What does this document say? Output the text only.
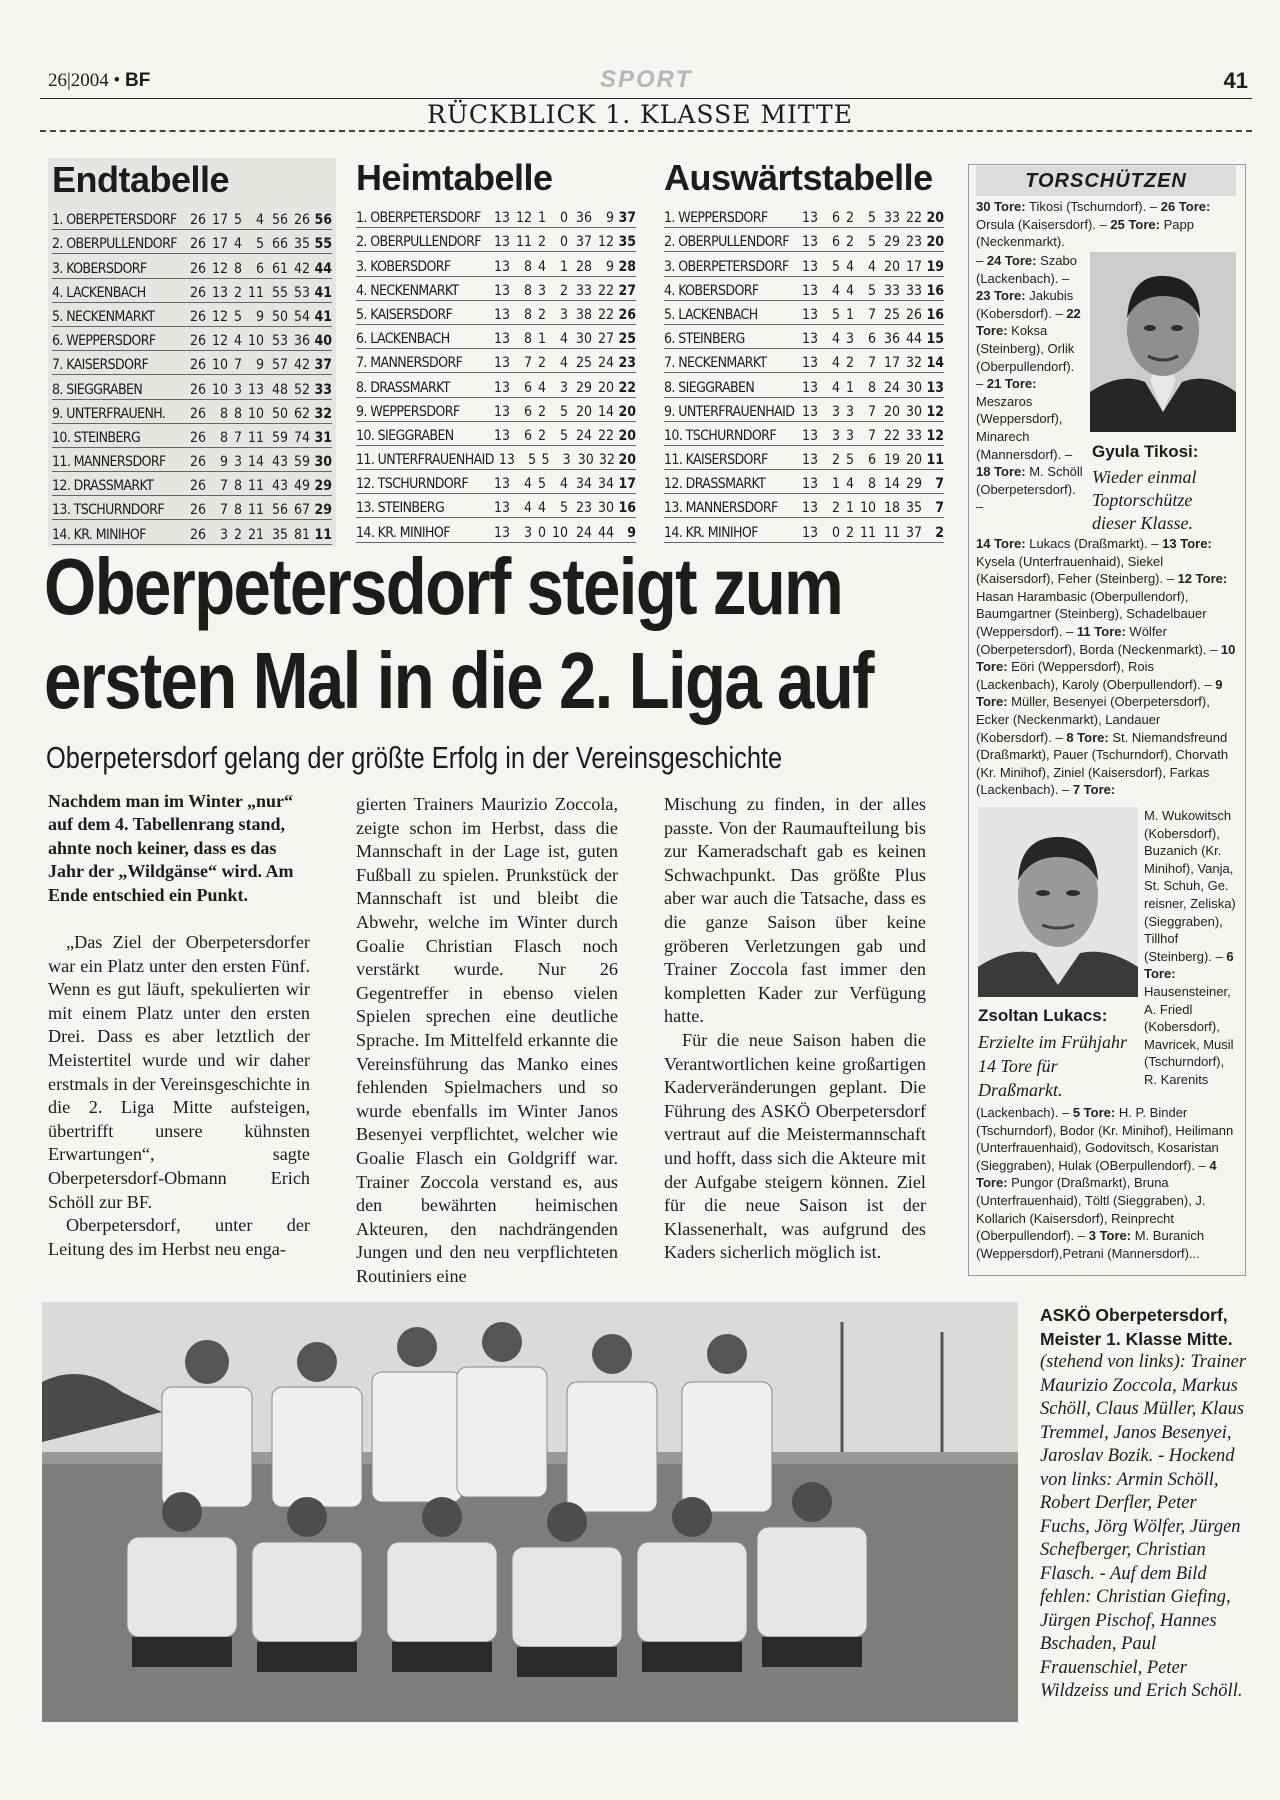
26|2004 • BF	SPORT	41
RÜCKBLICK 1. KLASSE MITTE
Endtabelle
1. OBERPETERSDORF 26 17 5 4 56 26 56
2. OBERPULLENDORF 26 17 4 5 66 35 55
3. KOBERSDORF	26 12 8 6 61 42 44
4. LACKENBACH	26 13 2 11 55 53 41
5. NECKENMARKT	26 12 5 9 50 54 41
6. WEPPERSDORF	26 12 4 10 53 36 40
7. KAISERSDORF	26 10 7 9 57 42 37
8. SIEGGRABEN	26 10 3 13 48 52 33
9. UNTERFRAUENH.	26 8 8 10 50 62 32
10. STEINBERG	26 8 7 11 59 74 31
11. MANNERSDORF	26 9 3 14 43 59 30
12. DRASSMARKT	26 7 8 11 43 49 29
13. TSCHURNDORF	26 7 8 11 56 67 29
14. KR. MINIHOF	26 3 2 21 35 81 11
Heimtabelle
1. OBERPETERSDORF 13 12 1 0 36 9 37
2. OBERPULLENDORF 13 11 2 0 37 12 35
3. KOBERSDORF	13 8 4 1 28 9 28
4. NECKENMARKT	13 8 3 2 33 22 27
5. KAISERSDORF	13 8 2 3 38 22 26
6. LACKENBACH	13 8 1 4 30 27 25
7. MANNERSDORF	13 7 2 4 25 24 23
8. DRASSMARKT	13 6 4 3 29 20 22
9. WEPPERSDORF	13 6 2 5 20 14 20
10. SIEGGRABEN	13 6 2 5 24 22 20
11. UNTERFRAUENHAID 13 5 5 3 30 32 20
12. TSCHURNDORF	13 4 5 4 34 34 17
13. STEINBERG	13 4 4 5 23 30 16
14. KR. MINIHOF	13 3 0 10 24 44 9
Auswärtstabelle
1. WEPPERSDORF	13 6 2 5 33 22 20
2. OBERPULLENDORF 13 6 2 5 29 23 20
3. OBERPETERSDORF 13 5 4 4 20 17 19
4. KOBERSDORF	13 4 4 5 33 33 16
5. LACKENBACH	13 5 1 7 25 26 16
6. STEINBERG	13 4 3 6 36 44 15
7. NECKENMARKT	13 4 2 7 17 32 14
8. SIEGGRABEN	13 4 1 8 24 30 13
9. UNTERFRAUENHAID 13 3 3 7 20 30 12
10. TSCHURNDORF	13 3 3 7 22 33 12
11. KAISERSDORF	13 2 5 6 19 20 11
12. DRASSMARKT	13 1 4 8 14 29 7
13. MANNERSDORF	13 2 1 10 18 35 7
14. KR. MINIHOF	13 0 2 11 11 37 2
TORSCHÜTZEN
30 Tore: Tikosi (Tschurndorf). – 26 Tore: Orsula (Kaisersdorf). – 25 Tore: Papp (Neckenmarkt).
– 24 Tore: Szabo (Lackenbach). – 23 Tore: Jakubis (Kobersdorf). – 22 Tore: Koksa (Steinberg), Orlik (Oberpullendorf). – 21 Tore: Meszaros (Weppersdorf), Minarech (Mannersdorf). – 18 Tore: M. Schöll (Oberpetersdorf). –
14 Tore: Lukacs (Draßmarkt). – 13 Tore: Kysela (Unterfrauenhaid), Siekel (Kaisersdorf), Feher (Steinberg). – 12 Tore: Hasan Harambasic (Oberpullendorf), Baumgartner (Steinberg), Schadelbauer (Weppersdorf). – 11 Tore: Wölfer (Oberpetersdorf), Borda (Neckenmarkt). – 10 Tore: Eöri (Weppersdorf), Rois (Lackenbach), Karoly (Oberpullendorf). – 9 Tore: Müller, Besenyei (Oberpetersdorf), Ecker (Neckenmarkt), Landauer (Kobersdorf). – 8 Tore: St. Niemandsfreund (Draßmarkt), Pauer (Tschurndorf), Chorvath (Kr. Minihof), Ziniel (Kaisersdorf), Farkas (Lackenbach). – 7 Tore:
M. Wukowitsch (Kobersdorf), Buzanich (Kr. Minihof), Vanja, St. Schuh, Ge. reisner, Zeliska) (Sieggraben), Tillhof (Steinberg). – 6 Tore: Hausensteiner, A. Friedl (Kobersdorf), Mavricek, Musil (Tschurndorf), R. Karenits
(Lackenbach). – 5 Tore: H. P. Binder (Tschurndorf), Bodor (Kr. Minihof), Heilimann (Unterfrauenhaid), Godovitsch, Kosaristan (Sieggraben), Hulak (OBerpullendorf). – 4 Tore: Pungor (Draßmarkt), Bruna (Unterfrauenhaid), Töltl (Sieggraben), J. Kollarich (Kaisersdorf), Reinprecht (Oberpullendorf). – 3 Tore: M. Buranich (Weppersdorf),Petrani (Mannersdorf)...
Gyula Tikosi:
Wieder einmal Toptorschütze dieser Klasse.
Zsoltan Lukacs:
Erzielte im Frühjahr 14 Tore für Draßmarkt.
Oberpetersdorf steigt zum ersten Mal in die 2. Liga auf
Oberpetersdorf gelang der größte Erfolg in der Vereinsgeschichte

Nachdem man im Winter „nur“ auf dem 4. Tabellenrang stand, ahnte noch keiner, dass es das Jahr der „Wildgänse“ wird. Am Ende entschied ein Punkt.

„Das Ziel der Oberpetersdorfer war ein Platz unter den ersten Fünf. Wenn es gut läuft, spekulierten wir mit einem Platz unter den ersten Drei. Dass es aber letztlich der Meistertitel wurde und wir daher erstmals in der Vereinsgeschichte in die 2. Liga Mitte aufsteigen, übertrifft unsere kühnsten Erwartungen“, sagte Oberpetersdorf-Obmann Erich Schöll zur BF.

Oberpetersdorf, unter der Leitung des im Herbst neu enga-

gierten Trainers Maurizio Zoccola, zeigte schon im Herbst, dass die Mannschaft in der Lage ist, guten Fußball zu spielen. Prunkstück der Mannschaft ist und bleibt die Abwehr, welche im Winter durch Goalie Christian Flasch noch verstärkt wurde. Nur 26 Gegentreffer in ebenso vielen Spielen sprechen eine deutliche Sprache. Im Mittelfeld erkannte die Vereinsführung das Manko eines fehlenden Spielmachers und so wurde ebenfalls im Winter Janos Besenyei verpflichtet, welcher wie Goalie Flasch ein Goldgriff war. Trainer Zoccola verstand es, aus den bewährten heimischen Akteuren, den nachdrängenden Jungen und den neu verpflichteten Routiniers eine

Mischung zu finden, in der alles passte. Von der Raumaufteilung bis zur Kameradschaft gab es keinen Schwachpunkt. Das größte Plus aber war auch die Tatsache, dass es die ganze Saison über keine gröberen Verletzungen gab und Trainer Zoccola fast immer den kompletten Kader zur Verfügung hatte.

Für die neue Saison haben die Verantwortlichen keine großartigen Kaderveränderungen geplant. Die Führung des ASKÖ Oberpetersdorf vertraut auf die Meistermannschaft und hofft, dass sich die Akteure mit der Aufgabe steigern können. Ziel für die neue Saison ist der Klassenerhalt, was aufgrund des Kaders sicherlich möglich ist.

ASKÖ Oberpetersdorf, Meister 1. Klasse Mitte.
(stehend von links): Trainer Maurizio Zoccola, Markus Schöll, Claus Müller, Klaus Tremmel, Janos Besenyei, Jaroslav Bozik. - Hockend von links: Armin Schöll, Robert Derfler, Peter Fuchs, Jörg Wölfer, Jürgen Schefberger, Christian Flasch. - Auf dem Bild fehlen: Christian Giefing, Jürgen Pischof, Hannes Bschaden, Paul Frauenschiel, Peter Wildzeiss und Erich Schöll.
